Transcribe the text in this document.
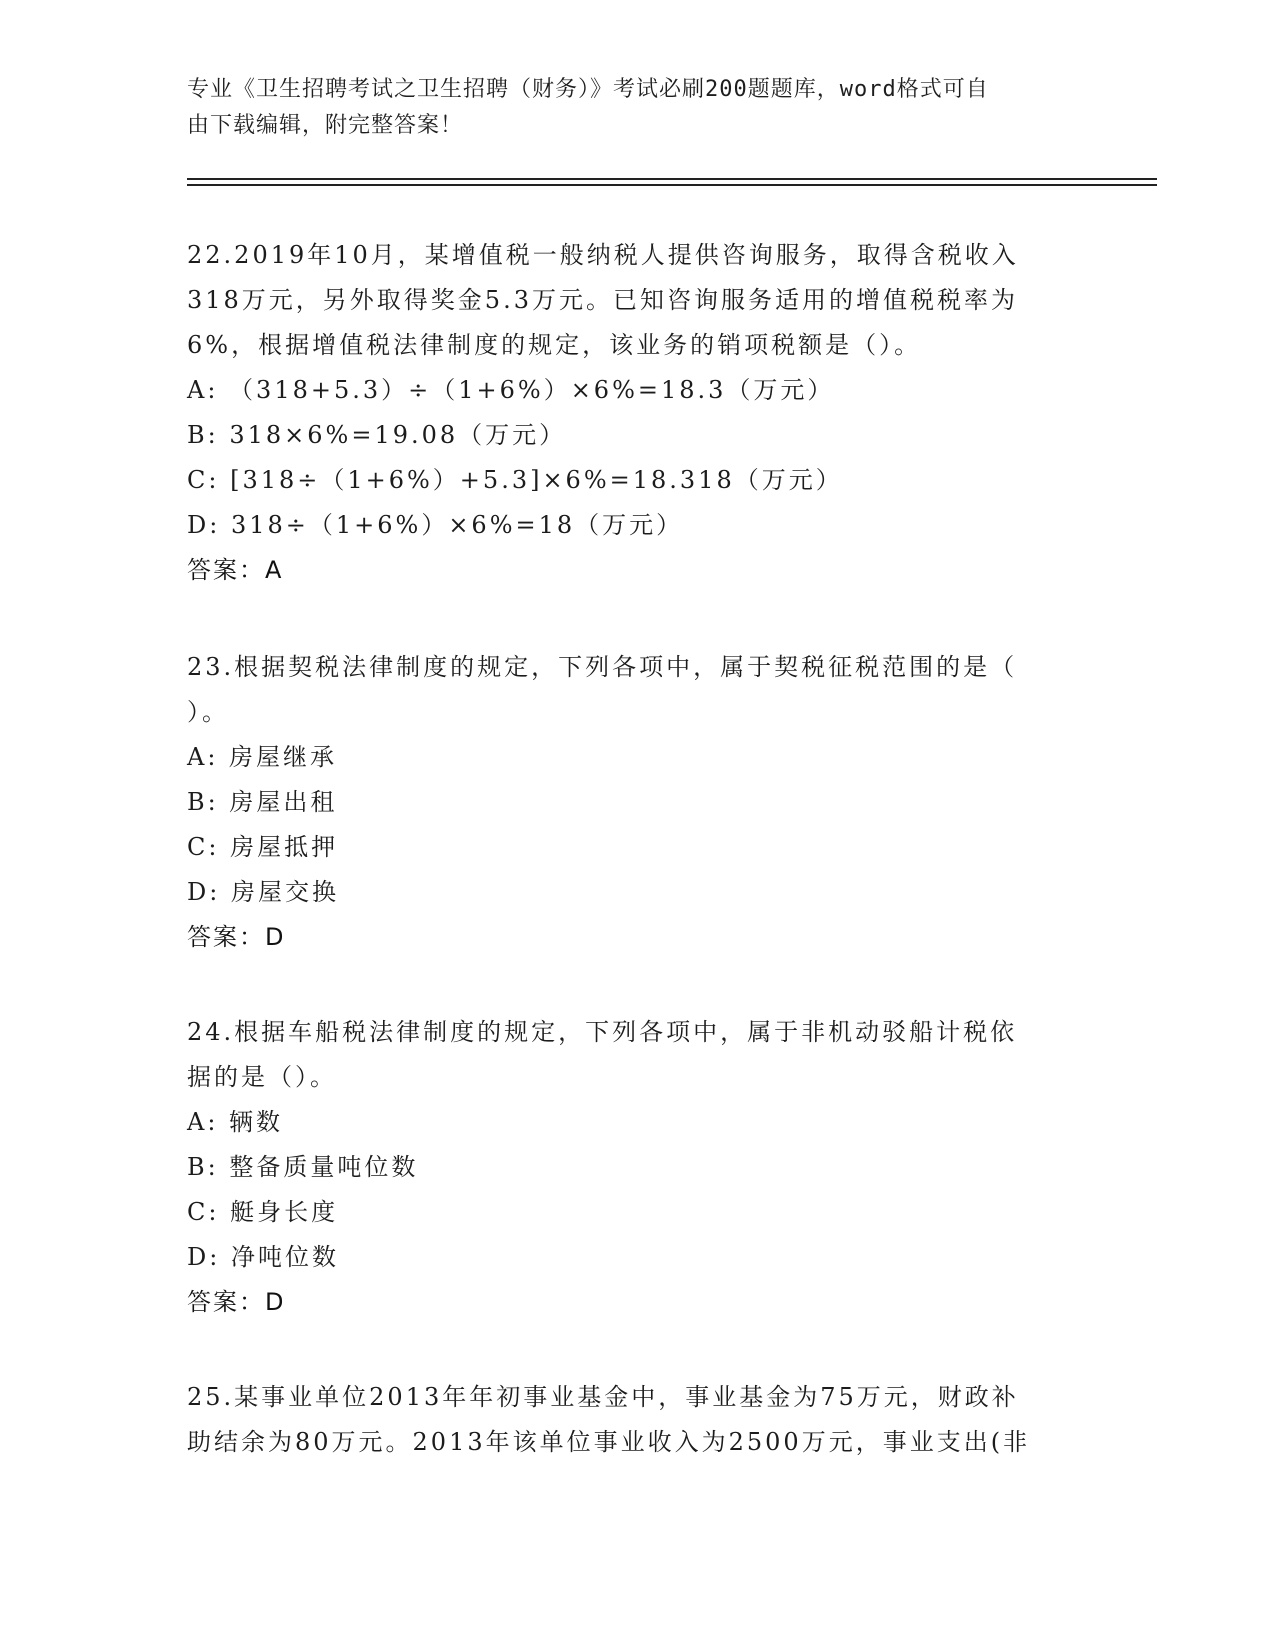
专业《卫生招聘考试之卫生招聘（财务）》考试必刷200题题库，word格式可自
由下载编辑，附完整答案！
22.2019年10月，某增值税一般纳税人提供咨询服务，取得含税收入
318万元，另外取得奖金5.3万元。已知咨询服务适用的增值税税率为
6%，根据增值税法律制度的规定，该业务的销项税额是（）。
A: （318+5.3）÷（1+6%）×6%=18.3（万元）
B: 318×6%=19.08（万元）
C: [318÷（1+6%）+5.3]×6%=18.318（万元）
D: 318÷（1+6%）×6%=18（万元）
答案：A
23.根据契税法律制度的规定，下列各项中，属于契税征税范围的是（
）。
A: 房屋继承
B: 房屋出租
C: 房屋抵押
D: 房屋交换
答案：D
24.根据车船税法律制度的规定，下列各项中，属于非机动驳船计税依
据的是（）。
A: 辆数
B: 整备质量吨位数
C: 艇身长度
D: 净吨位数
答案：D
25.某事业单位2013年年初事业基金中，事业基金为75万元，财政补
助结余为80万元。2013年该单位事业收入为2500万元，事业支出(非
